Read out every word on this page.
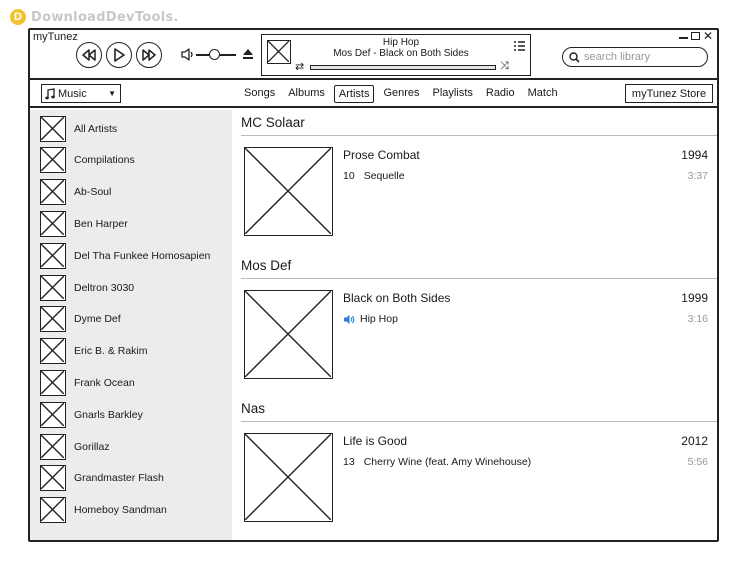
D DownloadDevTools.
myTunez	✕
Hip Hop
Mos Def - Black on Both Sides
⇄	⤨
search library
Music	▼	Songs	Albums	Artists	Genres	Playlists	Radio	Match	myTunez Store
All Artists
Compilations
Ab-Soul
Ben Harper
Del Tha Funkee Homosapien
Deltron 3030
Dyme Def
Eric B. & Rakim
Frank Ocean
Gnarls Barkley
Gorillaz
Grandmaster Flash
Homeboy Sandman
MC Solaar
Prose Combat	1994
10 Sequelle	3:37
Mos Def
Black on Both Sides	1999
Hip Hop	3:16
Nas
Life is Good	2012
13 Cherry Wine (feat. Amy Winehouse)	5:56
